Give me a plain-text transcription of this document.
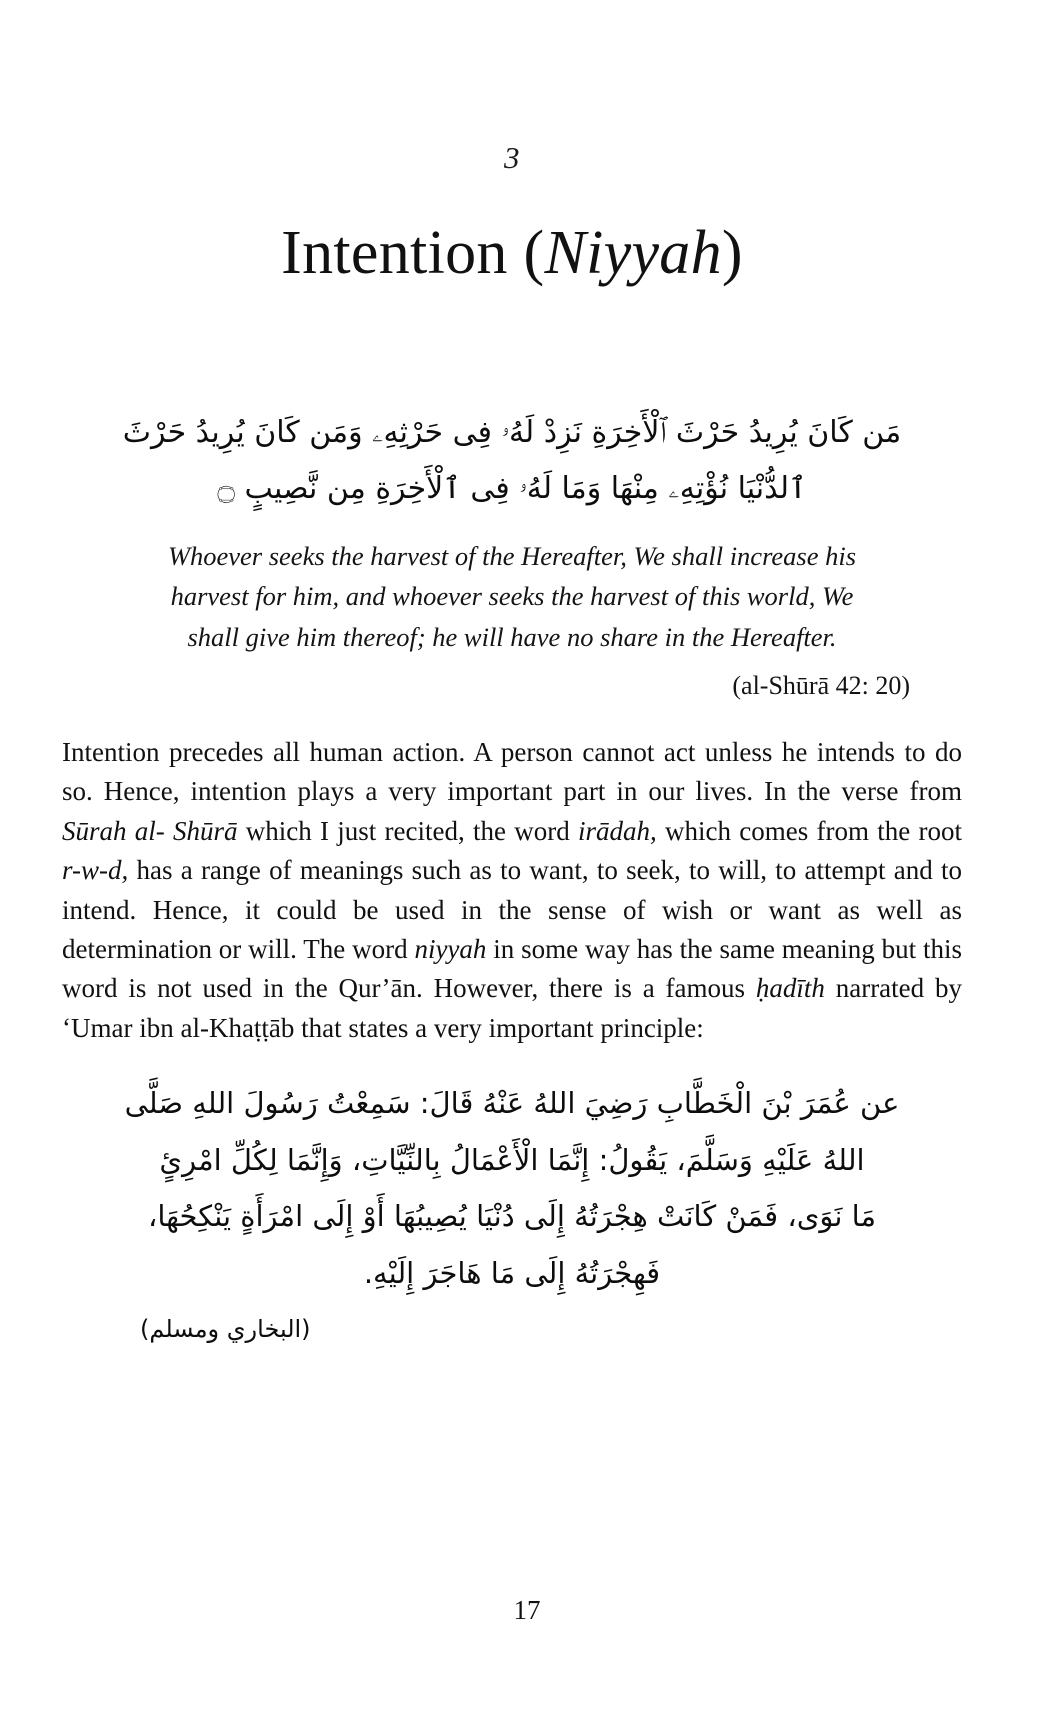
3
Intention (Niyyah)
مَن كَانَ يُرِيدُ حَرْثَ ٱلْأَخِرَةِ نَزِدْ لَهُۥ فِى حَرْثِهِۦ وَمَن كَانَ يُرِيدُ حَرْثَ
ٱلدُّنْيَا نُؤْتِهِۦ مِنْهَا وَمَا لَهُۥ فِى ٱلْأَخِرَةِ مِن نَّصِيبٍ ۝
Whoever seeks the harvest of the Hereafter, We shall increase his harvest for him, and whoever seeks the harvest of this world, We shall give him thereof; he will have no share in the Hereafter.
(al-Shūrā 42: 20)

Intention precedes all human action. A person cannot act unless he intends to do so. Hence, intention plays a very important part in our lives. In the verse from Sūrah al- Shūrā which I just recited, the word irādah, which comes from the root r-w-d, has a range of meanings such as to want, to seek, to will, to attempt and to intend. Hence, it could be used in the sense of wish or want as well as determination or will. The word niyyah in some way has the same meaning but this word is not used in the Qur’ān. However, there is a famous ḥadīth narrated by ‘Umar ibn al-Khaṭṭāb that states a very important principle:

عن عُمَرَ بْنَ الْخَطَّابِ رَضِيَ اللهُ عَنْهُ قَالَ: سَمِعْتُ رَسُولَ اللهِ صَلَّى
اللهُ عَلَيْهِ وَسَلَّمَ، يَقُولُ: إِنَّمَا الْأَعْمَالُ بِالنِّيَّاتِ، وَإِنَّمَا لِكُلِّ امْرِئٍ
مَا نَوَى، فَمَنْ كَانَتْ هِجْرَتُهُ إِلَى دُنْيَا يُصِيبُهَا أَوْ إِلَى امْرَأَةٍ يَنْكِحُهَا،
فَهِجْرَتُهُ إِلَى مَا هَاجَرَ إِلَيْهِ.
(البخاري ومسلم)
17
